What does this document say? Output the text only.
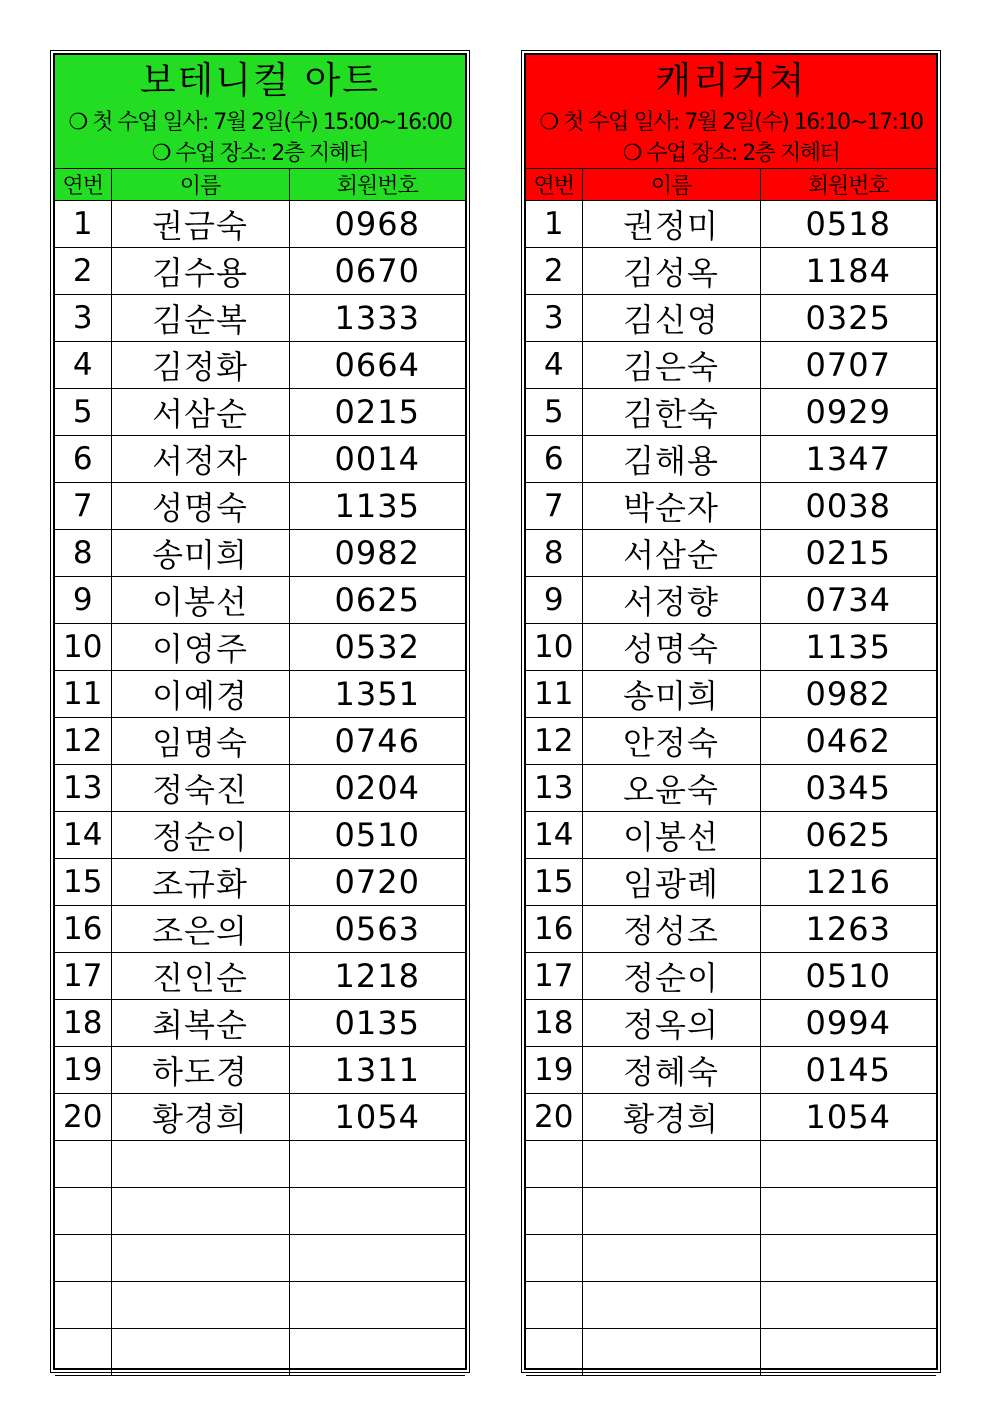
보테니컬 아트
❍ 첫 수업 일사: 7월 2일(수) 15:00~16:00
❍ 수업 장소: 2층 지혜터
연번	이름	회원번호
1	권금숙	0968
2	김수용	0670
3	김순복	1333
4	김정화	0664
5	서삼순	0215
6	서정자	0014
7	성명숙	1135
8	송미희	0982
9	이봉선	0625
10	이영주	0532
11	이예경	1351
12	임명숙	0746
13	정숙진	0204
14	정순이	0510
15	조규화	0720
16	조은의	0563
17	진인순	1218
18	최복순	0135
19	하도경	1311
20	황경희	1054

캐리커쳐
❍ 첫 수업 일사: 7월 2일(수) 16:10~17:10
❍ 수업 장소: 2층 지혜터
연번	이름	회원번호
1	권정미	0518
2	김성옥	1184
3	김신영	0325
4	김은숙	0707
5	김한숙	0929
6	김해용	1347
7	박순자	0038
8	서삼순	0215
9	서정향	0734
10	성명숙	1135
11	송미희	0982
12	안정숙	0462
13	오윤숙	0345
14	이봉선	0625
15	임광례	1216
16	정성조	1263
17	정순이	0510
18	정옥의	0994
19	정혜숙	0145
20	황경희	1054
